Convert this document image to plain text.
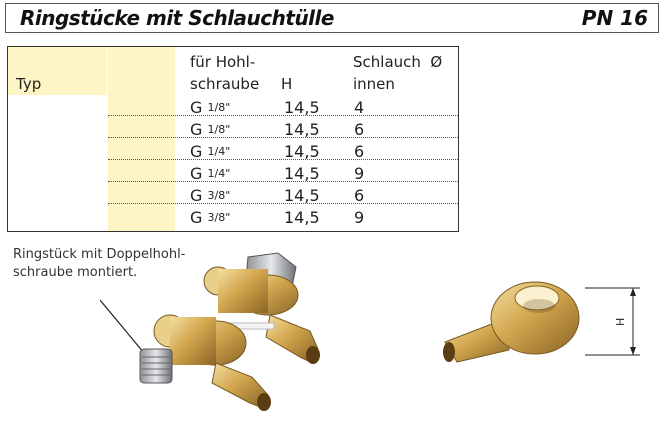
Ringstücke mit Schlauchtülle	PN 16
Typ
für Hohl-
schraube H
Schlauch  Ø
innen
G 1/8"	14,5 4
G 1/8"	14,5 6
G 1/4"	14,5 6
G 1/4"	14,5 9
G 3/8"	14,5 6
G 3/8"	14,5 9
Ringstück mit Doppelhohl-
schraube montiert.
H
